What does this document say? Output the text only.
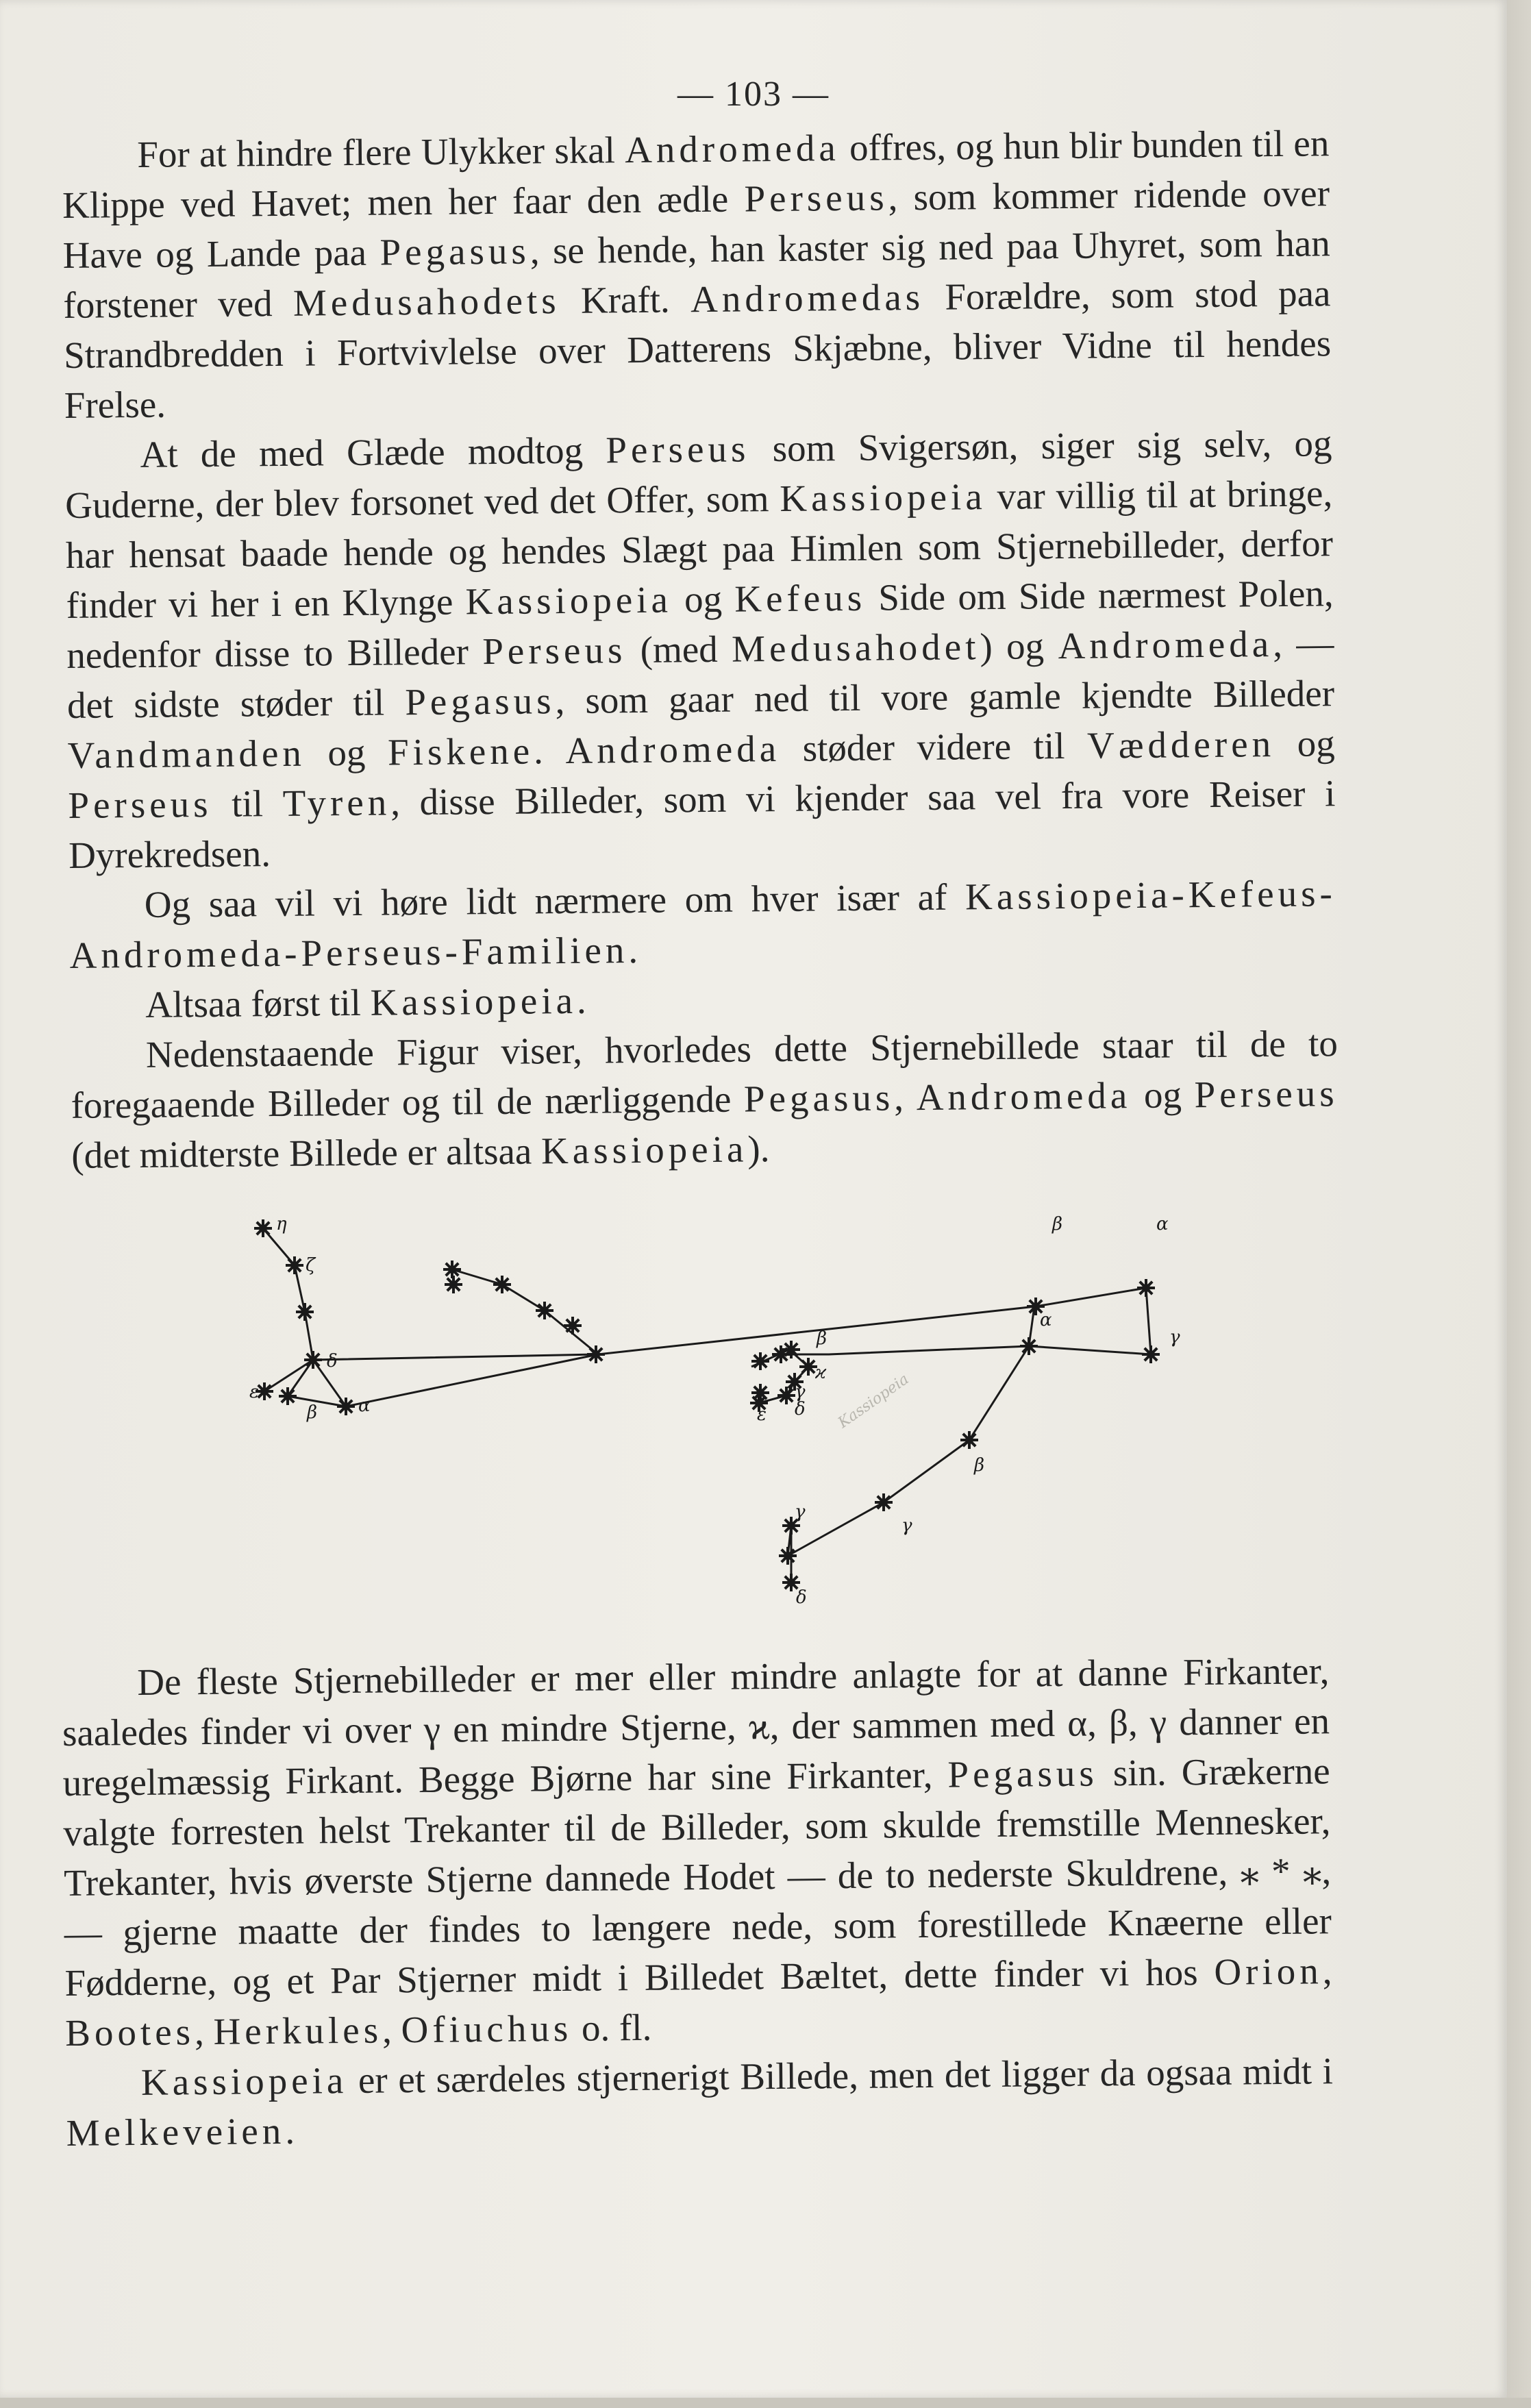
— 103 —

For at hindre flere Ulykker skal Andromeda offres, og hun blir bunden til en Klippe ved Havet; men her faar den ædle Perseus, som kommer ridende over Have og Lande paa Pegasus, se hende, han kaster sig ned paa Uhyret, som han forstener ved Medusahodets Kraft. Andromedas Forældre, som stod paa Strandbredden i Fortvivlelse over Datterens Skjæbne, bliver Vidne til hendes Frelse.

At de med Glæde modtog Perseus som Svigersøn, siger sig selv, og Guderne, der blev forsonet ved det Offer, som Kassiopeia var villig til at bringe, har hensat baade hende og hendes Slægt paa Himlen som Stjernebilleder, derfor finder vi her i en Klynge Kassiopeia og Kefeus Side om Side nærmest Polen, nedenfor disse to Billeder Perseus (med Medusahodet) og Andromeda, — det sidste støder til Pegasus, som gaar ned til vore gamle kjendte Billeder Vandmanden og Fiskene. Andromeda støder videre til Vædderen og Perseus til Tyren, disse Billeder, som vi kjender saa vel fra vore Reiser i Dyrekredsen.

Og saa vil vi høre lidt nærmere om hver især af Kassiopeia-Kefeus-Andromeda-Perseus-Familien.

Altsaa først til Kassiopeia.

Nedenstaaende Figur viser, hvorledes dette Stjernebillede staar til de to foregaaende Billeder og til de nærliggende Pegasus, Andromeda og Perseus (det midterste Billede er altsaa Kassiopeia).

η
ζ
δ
ε
β α
β
ϰ
γ
δ
ε	Kassiopeia
β	α
γ
α
β
γ
γ
δ

De fleste Stjernebilleder er mer eller mindre anlagte for at danne Firkanter, saaledes finder vi over γ en mindre Stjerne, ϰ, der sammen med α, β, γ danner en uregelmæssig Firkant. Begge Bjørne har sine Firkanter, Pegasus sin. Grækerne valgte forresten helst Trekanter til de Billeder, som skulde fremstille Mennesker, Trekanter, hvis øverste Stjerne dannede Hodet — de to nederste Skuldrene, ⁎ * ⁎, — gjerne maatte der findes to længere nede, som forestillede Knæerne eller Fødderne, og et Par Stjerner midt i Billedet Bæltet, dette finder vi hos Orion, Bootes, Herkules, Ofiuchus o. fl.

Kassiopeia er et særdeles stjernerigt Billede, men det ligger da ogsaa midt i Melkeveien.
